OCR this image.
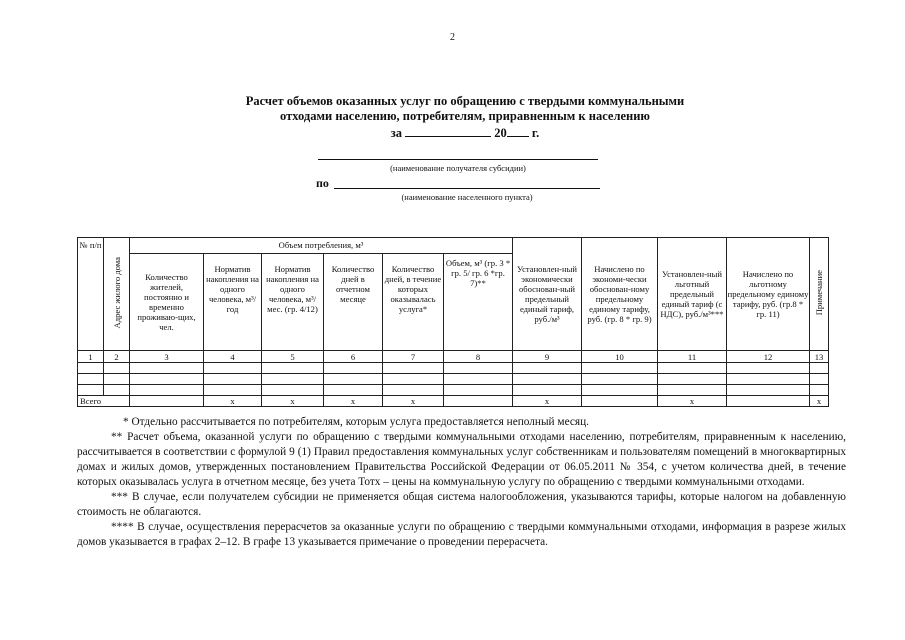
2
Расчет объемов оказанных услуг по обращению с твердыми коммунальными
отходами населению, потребителям, приравненным к населению
за	20 г.
(наименование получателя субсидии)
по
(наименование населенного пункта)
№ п/п	Адрес жилого дома	Объем потребления, м³						Установлен-ный экономически обоснован-ный предельный единый тариф, руб./м³	Начислено по экономи-чески обоснован-ному предельному единому тарифу, руб. (гр. 8 * гр. 9)	Установлен-ный льготный предельный единый тариф (с НДС), руб./м³***	Начислено по льготному предельному единому тарифу, руб. (гр.8 * гр. 11)	Примечание
		Количество жителей, постоянно и временно проживаю-щих, чел.	Норматив накопления на одного человека, м³/ год	Норматив накопления на одного человека, м³/мес. (гр. 4/12)	Количество дней в отчетном месяце	Количество дней, в течение которых оказывалась услуга*	Объем, м³ (гр. 3 * гр. 5/ гр. 6 *гр. 7)**					
1	2	3	4	5	6	7	8	9	10	11	12	13

Всего			x	x	x	x		x		x		x

* Отдельно рассчитывается по потребителям, которым услуга предоставляется неполный месяц.

** Расчет объема, оказанной услуги по обращению с твердыми коммунальными отходами населению, потребителям, приравненным к населению, рассчитывается в соответствии с формулой 9 (1) Правил предоставления коммунальных услуг собственникам и пользователям помещений в многоквартирных домах и жилых домов, утвержденных постановлением Правительства Российской Федерации от 06.05.2011 № 354, с учетом количества дней, в течение которых оказывалась услуга в отчетном месяце, без учета Тотх – цены на коммунальную услугу по обращению с твердыми коммунальными отходами.

*** В случае, если получателем субсидии не применяется общая система налогообложения, указываются тарифы, которые налогом на добавленную стоимость не облагаются.

**** В случае, осуществления перерасчетов за оказанные услуги по обращению с твердыми коммунальными отходами, информация в разрезе жилых домов указывается в графах 2–12. В графе 13 указывается примечание о проведении перерасчета.
